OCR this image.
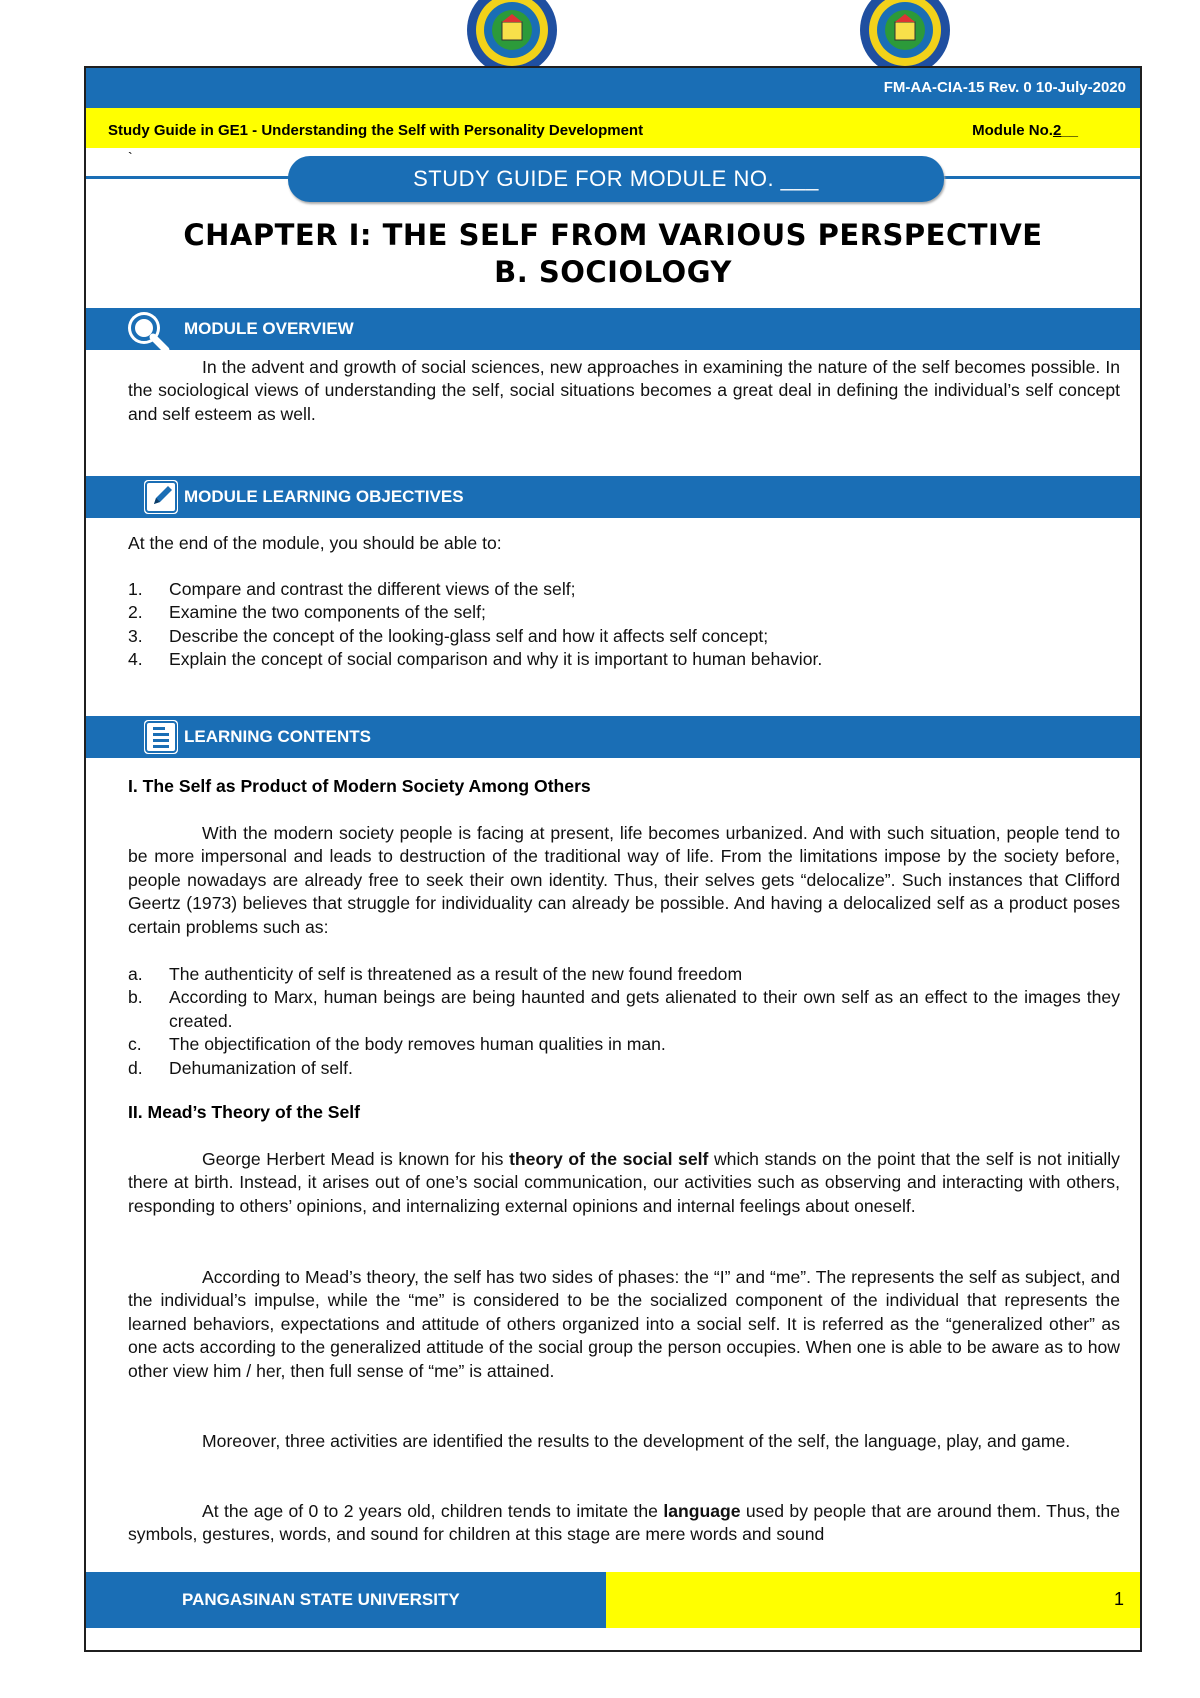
FM-AA-CIA-15 Rev. 0 10-July-2020
Study Guide in GE1 - Understanding the Self with Personality Development	Module No.2__
`
STUDY GUIDE FOR MODULE NO. ___
CHAPTER I: THE SELF FROM VARIOUS PERSPECTIVE
B. SOCIOLOGY
MODULE OVERVIEW

In the advent and growth of social sciences, new approaches in examining the nature of the self becomes possible. In the sociological views of understanding the self, social situations becomes a great deal in defining the individual’s self concept and self esteem as well.

MODULE LEARNING OBJECTIVES
At the end of the module, you should be able to:
1. Compare and contrast the different views of the self;
2. Examine the two components of the self;
3. Describe the concept of the looking-glass self and how it affects self concept;
4. Explain the concept of social comparison and why it is important to human behavior.
LEARNING CONTENTS
I. The Self as Product of Modern Society Among Others

With the modern society people is facing at present, life becomes urbanized. And with such situation, people tend to be more impersonal and leads to destruction of the traditional way of life. From the limitations impose by the society before, people nowadays are already free to seek their own identity. Thus, their selves gets “delocalize”. Such instances that Clifford Geertz (1973) believes that struggle for individuality can already be possible. And having a delocalized self as a product poses certain problems such as:

a. The authenticity of self is threatened as a result of the new found freedom
b. According to Marx, human beings are being haunted and gets alienated to their own self as an effect to the images they created.
c. The objectification of the body removes human qualities in man.
d. Dehumanization of self.
II. Mead’s Theory of the Self

George Herbert Mead is known for his theory of the social self which stands on the point that the self is not initially there at birth. Instead, it arises out of one’s social communication, our activities such as observing and interacting with others, responding to others’ opinions, and internalizing external opinions and internal feelings about oneself.

According to Mead’s theory, the self has two sides of phases: the “I” and “me”. The represents the self as subject, and the individual’s impulse, while the “me” is considered to be the socialized component of the individual that represents the learned behaviors, expectations and attitude of others organized into a social self. It is referred as the “generalized other” as one acts according to the generalized attitude of the social group the person occupies. When one is able to be aware as to how other view him / her, then full sense of “me” is attained.

Moreover, three activities are identified the results to the development of the self, the language, play, and game.

At the age of 0 to 2 years old, children tends to imitate the language used by people that are around them. Thus, the symbols, gestures, words, and sound for children at this stage are mere words and sound

PANGASINAN STATE UNIVERSITY	1
